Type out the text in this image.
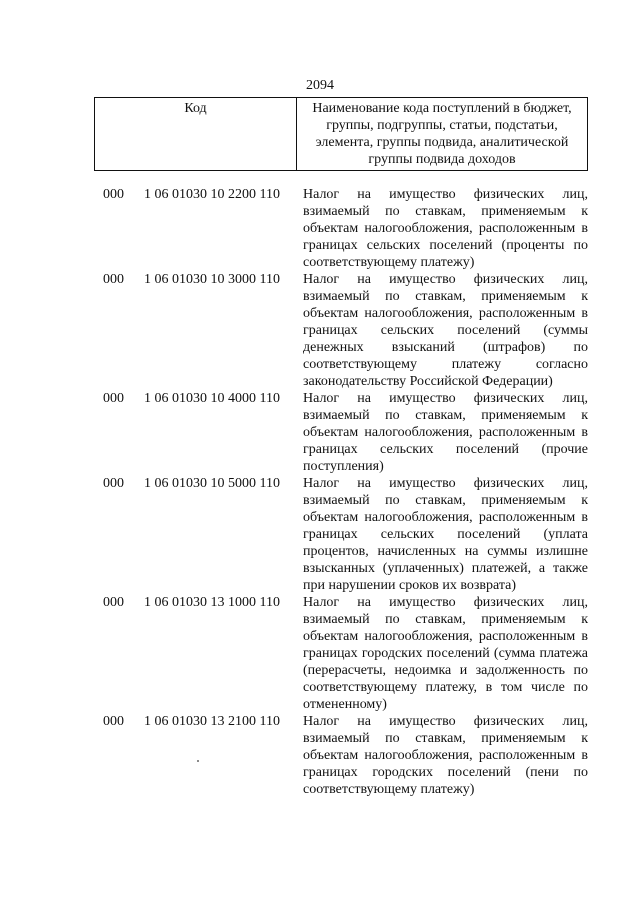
2094
Код	Наименование кода поступлений в бюджет, группы, подгруппы, статьи, подстатьи, элемента, группы подвида, аналитической группы подвида доходов
000	1 06 01030 10 2200 110	Налог на имущество физических лиц, взимаемый по ставкам, применяемым к объектам налогообложения, расположенным в границах сельских поселений (проценты по соответствующему платежу)
000	1 06 01030 10 3000 110	Налог на имущество физических лиц, взимаемый по ставкам, применяемым к объектам налогообложения, расположенным в границах сельских поселений (суммы денежных взысканий (штрафов) по соответствующему платежу согласно законодательству Российской Федерации)
000	1 06 01030 10 4000 110	Налог на имущество физических лиц, взимаемый по ставкам, применяемым к объектам налогообложения, расположенным в границах сельских поселений (прочие поступления)
000	1 06 01030 10 5000 110	Налог на имущество физических лиц, взимаемый по ставкам, применяемым к объектам налогообложения, расположенным в границах сельских поселений (уплата процентов, начисленных на суммы излишне взысканных (уплаченных) платежей, а также при нарушении сроков их возврата)
000	1 06 01030 13 1000 110	Налог на имущество физических лиц, взимаемый по ставкам, применяемым к объектам налогообложения, расположенным в границах городских поселений (сумма платежа (перерасчеты, недоимка и задолженность по соответствующему платежу, в том числе по отмененному)
000	1 06 01030 13 2100 110	Налог на имущество физических лиц, взимаемый по ставкам, применяемым к объектам налогообложения, расположенным в границах городских поселений (пени по соответствующему платежу)
